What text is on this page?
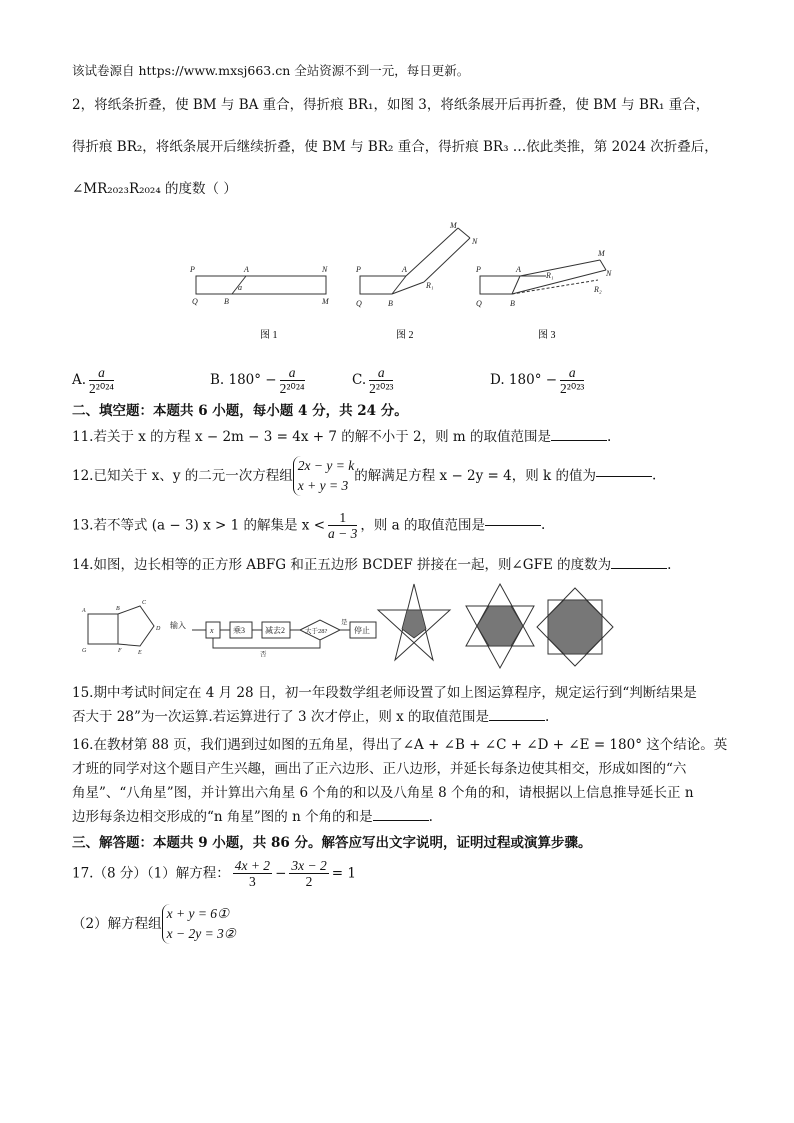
该试卷源自 https://www.mxsj663.cn 全站资源不到一元，每日更新。
2，将纸条折叠，使 BM 与 BA 重合，得折痕 BR₁，如图 3，将纸条展开后再折叠，使 BM 与 BR₁ 重合，
得折痕 BR₂，将纸条展开后继续折叠，使 BM 与 BR₂ 重合，得折痕 BR₃ …依此类推，第 2024 次折叠后，
∠MR₂₀₂₃R₂₀₂₄ 的度数（ ）
P	A	N
Q	B	M
a
P	A
Q	B
R₁
M
N
P	A
R₁
Q	B
M
N
R₂
图 1	图 2	图 3
A. $\frac{a}{\text{2²⁰²⁴}}$	B. $180^\circ - \frac{a}{\text{2²⁰²⁴}}$	C. $\frac{a}{\text{2²⁰²³}}$	D. $180^\circ - \frac{a}{\text{2²⁰²³}}$
二、填空题：本题共 6 小题，每小题 4 分，共 24 分。
11.若关于 x 的方程 x − 2m − 3 = 4x + 7 的解不小于 2，则 m 的取值范围是	.
12.已知关于 x、y 的二元一次方程组
2x − y = k
x + y = 3
的解满足方程 x − 2y = 4，则 k 的值为	.
13.若不等式 (a − 3) x > 1 的解集是 $x < \frac{1}{a - 3}$ ，则 a 的取值范围是	.
14.如图，边长相等的正方形 ABFG 和正五边形 BCDEF 拼接在一起，则∠GFE 的度数为	.
A	B
C
D
E
F
G
输入
x 乘3	减去2	大于28?
是
停止
否
15.期中考试时间定在 4 月 28 日，初一年段数学组老师设置了如上图运算程序，规定运行到“判断结果是
否大于 28”为一次运算.若运算进行了 3 次才停止，则 x 的取值范围是	.
16.在教材第 88 页，我们遇到过如图的五角星，得出了∠A + ∠B + ∠C + ∠D + ∠E = 180° 这个结论。英
才班的同学对这个题目产生兴趣，画出了正六边形、正八边形，并延长每条边使其相交，形成如图的“六
角星”、“八角星”图，并计算出六角星 6 个角的和以及八角星 8 个角的和，请根据以上信息推导延长正 n
边形每条边相交形成的“n 角星”图的 n 个角的和是	.
三、解答题：本题共 9 小题，共 86 分。解答应写出文字说明，证明过程或演算步骤。
17.（8 分）（1）解方程： $\frac{4x + 2}{3} - \frac{3x - 2}{2} = 1$
（2）解方程组
x + y = 6①
x − 2y = 3②
